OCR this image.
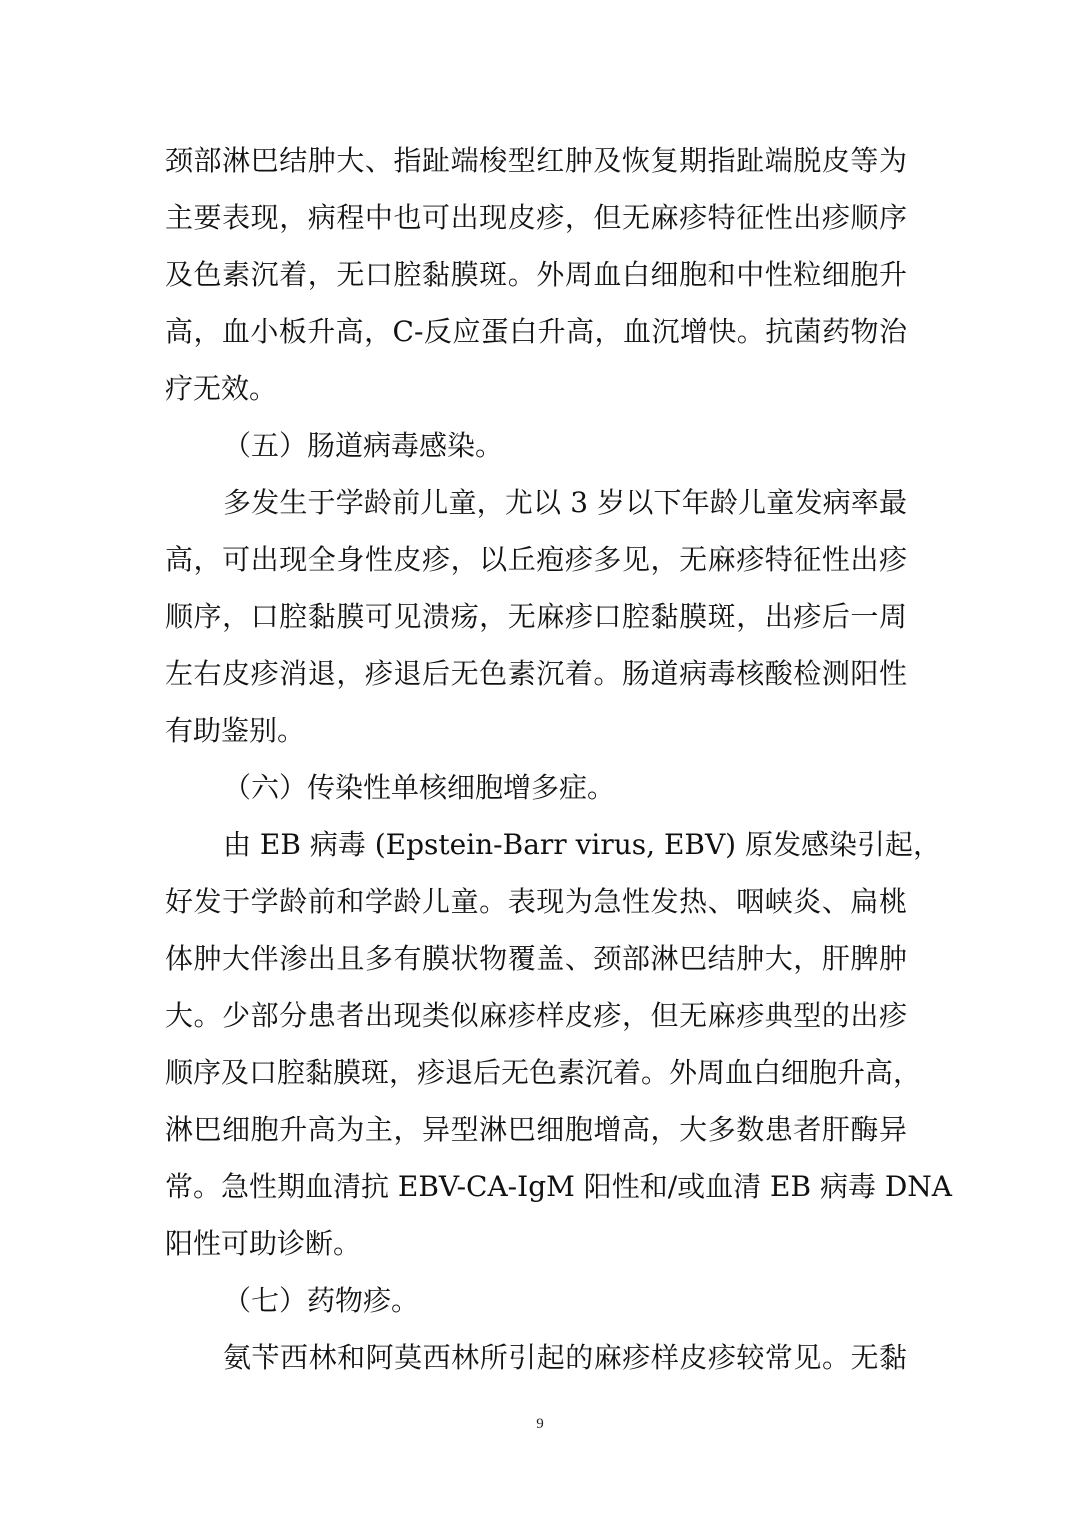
颈部淋巴结肿大、指趾端梭型红肿及恢复期指趾端脱皮等为
主要表现，病程中也可出现皮疹，但无麻疹特征性出疹顺序
及色素沉着，无口腔黏膜斑。外周血白细胞和中性粒细胞升
高，血小板升高，C-反应蛋白升高，血沉增快。抗菌药物治
疗无效。
（五）肠道病毒感染。
多发生于学龄前儿童，尤以 3 岁以下年龄儿童发病率最
高，可出现全身性皮疹，以丘疱疹多见，无麻疹特征性出疹
顺序，口腔黏膜可见溃疡，无麻疹口腔黏膜斑，出疹后一周
左右皮疹消退，疹退后无色素沉着。肠道病毒核酸检测阳性
有助鉴别。
（六）传染性单核细胞增多症。
由 EB 病毒 (Epstein-Barr virus, EBV) 原发感染引起，
好发于学龄前和学龄儿童。表现为急性发热、咽峡炎、扁桃
体肿大伴渗出且多有膜状物覆盖、颈部淋巴结肿大，肝脾肿
大。少部分患者出现类似麻疹样皮疹，但无麻疹典型的出疹
顺序及口腔黏膜斑，疹退后无色素沉着。外周血白细胞升高，
淋巴细胞升高为主，异型淋巴细胞增高，大多数患者肝酶异
常。急性期血清抗 EBV-CA-IgM 阳性和/或血清 EB 病毒 DNA
阳性可助诊断。
（七）药物疹。
氨苄西林和阿莫西林所引起的麻疹样皮疹较常见。无黏
9
